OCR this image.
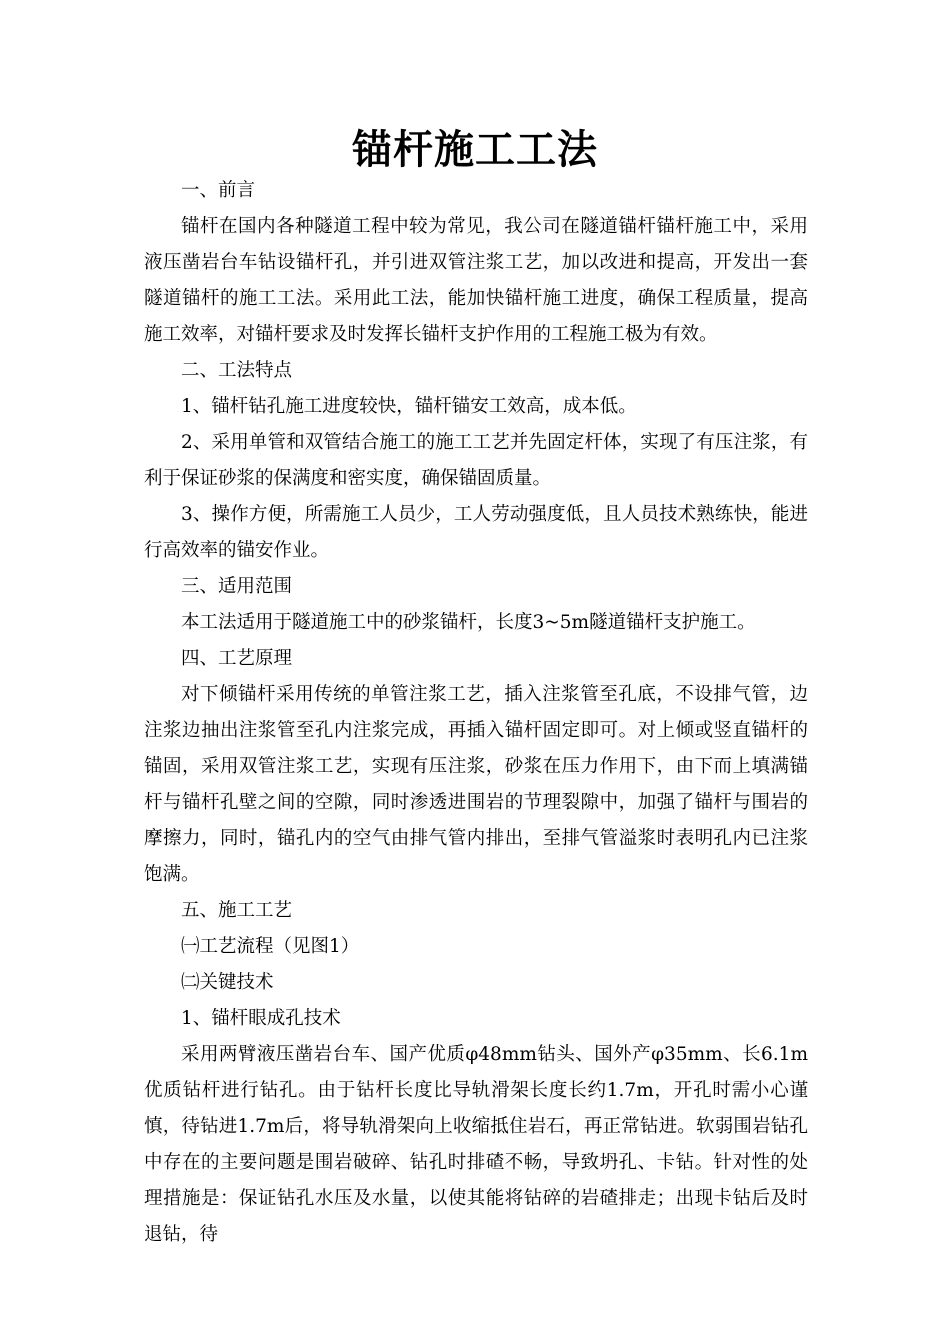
锚杆施工工法

一、前言

锚杆在国内各种隧道工程中较为常见，我公司在隧道锚杆锚杆施工中，采用液压凿岩台车钻设锚杆孔，并引进双管注浆工艺，加以改进和提高，开发出一套隧道锚杆的施工工法。采用此工法，能加快锚杆施工进度，确保工程质量，提高施工效率，对锚杆要求及时发挥长锚杆支护作用的工程施工极为有效。

二、工法特点

1、锚杆钻孔施工进度较快，锚杆锚安工效高，成本低。

2、采用单管和双管结合施工的施工工艺并先固定杆体，实现了有压注浆，有利于保证砂浆的保满度和密实度，确保锚固质量。

3、操作方便，所需施工人员少，工人劳动强度低，且人员技术熟练快，能进行高效率的锚安作业。

三、适用范围

本工法适用于隧道施工中的砂浆锚杆，长度3~5m隧道锚杆支护施工。

四、工艺原理

对下倾锚杆采用传统的单管注浆工艺，插入注浆管至孔底，不设排气管，边注浆边抽出注浆管至孔内注浆完成，再插入锚杆固定即可。对上倾或竖直锚杆的锚固，采用双管注浆工艺，实现有压注浆，砂浆在压力作用下，由下而上填满锚杆与锚杆孔壁之间的空隙，同时渗透进围岩的节理裂隙中，加强了锚杆与围岩的摩擦力，同时，锚孔内的空气由排气管内排出，至排气管溢浆时表明孔内已注浆饱满。

五、施工工艺

㈠工艺流程（见图1）

㈡关键技术

1、锚杆眼成孔技术

采用两臂液压凿岩台车、国产优质φ48mm钻头、国外产φ35mm、长6.1m优质钻杆进行钻孔。由于钻杆长度比导轨滑架长度长约1.7m，开孔时需小心谨慎，待钻进1.7m后，将导轨滑架向上收缩抵住岩石，再正常钻进。软弱围岩钻孔中存在的主要问题是围岩破碎、钻孔时排碴不畅，导致坍孔、卡钻。针对性的处理措施是：保证钻孔水压及水量，以使其能将钻碎的岩碴排走；出现卡钻后及时退钻，待
